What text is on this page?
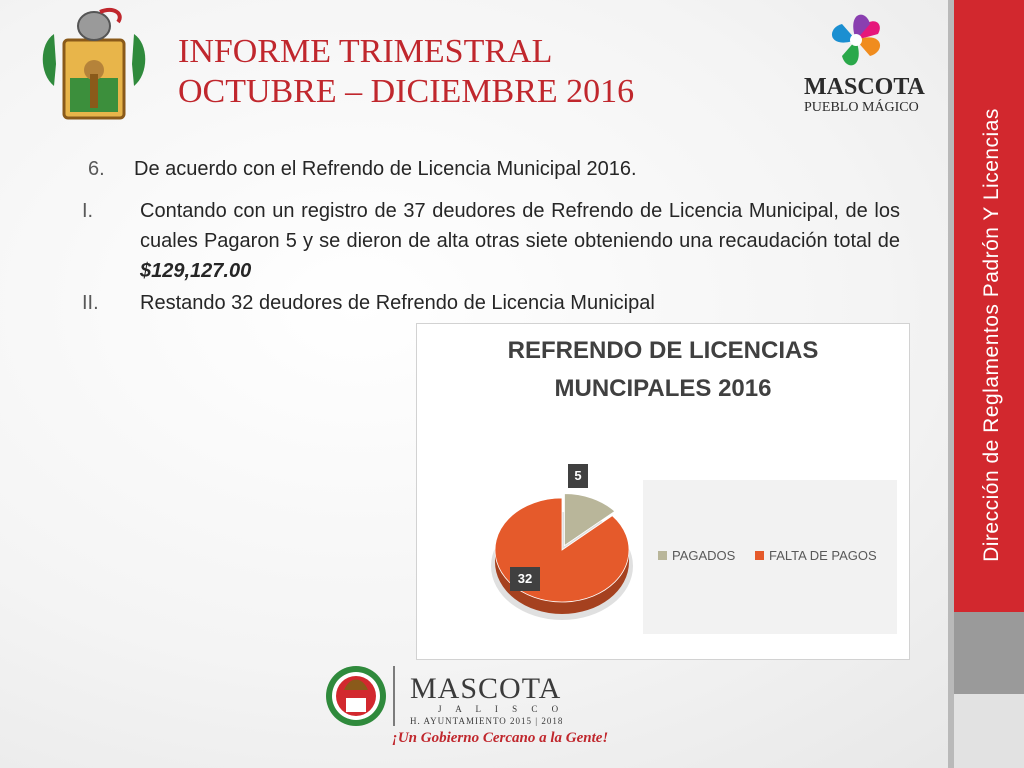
INFORME TRIMESTRAL
OCTUBRE – DICIEMBRE 2016	MASCOTA
PUEBLO MÁGICO
6. De acuerdo con el Refrendo de Licencia Municipal 2016.
I. Contando con un registro de 37 deudores de Refrendo de Licencia Municipal, de los cuales Pagaron 5 y se dieron de alta otras siete obteniendo una recaudación total de $129,127.00
II. Restando 32 deudores de Refrendo de Licencia Municipal
REFRENDO DE LICENCIAS
MUNCIPALES 2016
PAGADOS	FALTA DE PAGOS
5
32
MASCOTA
J A L I S C O
H. AYUNTAMIENTO 2015 | 2018
¡Un Gobierno Cercano a la Gente!
Dirección de Reglamentos Padrón Y Licencias
